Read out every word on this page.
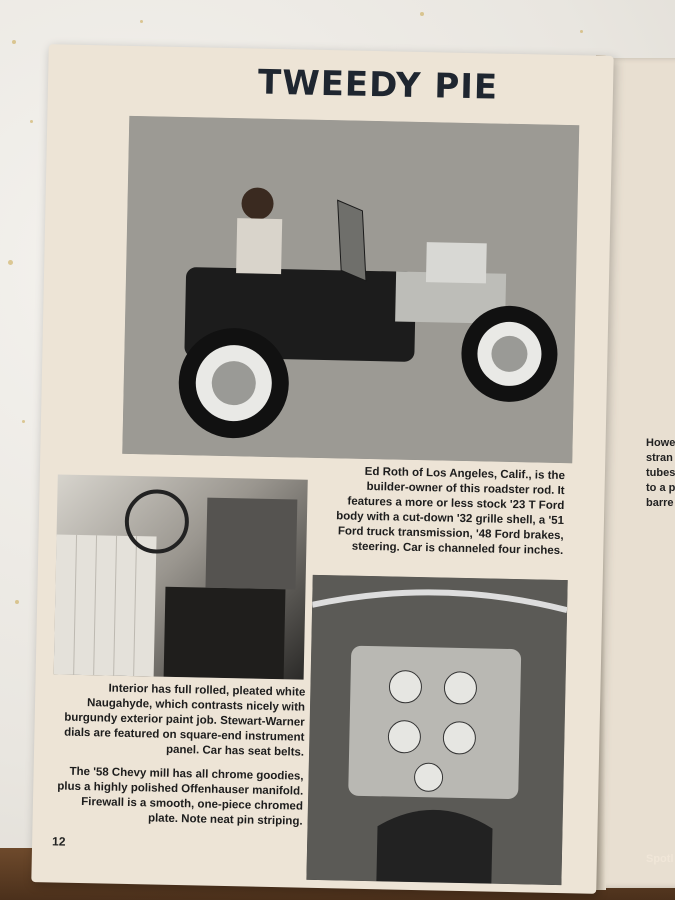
Howe
stran
tubes
to a p
barre
Spotl
TWEEDY PIE
Ed Roth of Los Angeles, Calif., is the builder-owner of this roadster rod. It features a more or less stock '23 T Ford body with a cut-down '32 grille shell, a '51 Ford truck transmission, '48 Ford brakes, steering. Car is channeled four inches.
Interior has full rolled, pleated white Naugahyde, which contrasts nicely with burgundy exterior paint job. Stewart-Warner dials are featured on square-end instrument panel. Car has seat belts.
The '58 Chevy mill has all chrome goodies, plus a highly polished Offenhauser manifold. Firewall is a smooth, one-piece chromed plate. Note neat pin striping.
12
